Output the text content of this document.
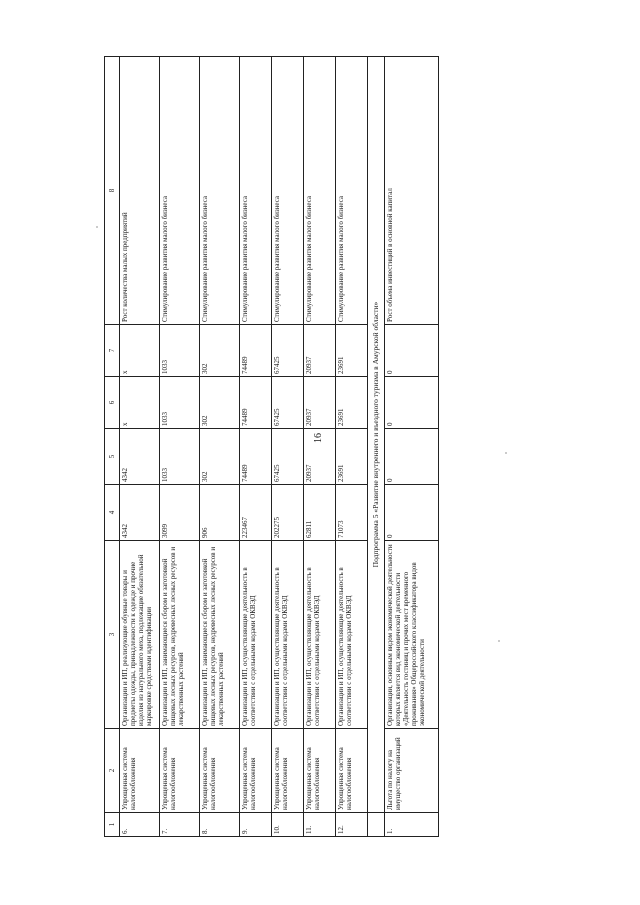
16
1	2	3	4	5	6	7	8
6.	Упрощенная система налогообложения	Организации и ИП, реализующие обувные товары и предметы одежды, принадлежности к одежде и прочие изделия из натурального меха, подлежащие обязательной маркировке средствами идентификации	4342	4342	х	х	Рост количества малых предприятий
7.	Упрощенная система налогообложения	Организации и ИП, занимающиеся сбором и заготовкой пищевых лесных ресурсов, недревесных лесных ресурсов и лекарственных растений	3099	1033	1033	1033	Стимулирование развития малого бизнеса
8.	Упрощенная система налогообложения	Организации и ИП, занимающиеся сбором и заготовкой пищевых лесных ресурсов, недревесных лесных ресурсов и лекарственных растений	906	302	302	302	Стимулирование развития малого бизнеса
9.	Упрощенная система налогообложения	Организации и ИП, осуществляющие деятельность в соответствии с отдельными кодами ОКВЭД	223467	74489	74489	74489	Стимулирование развития малого бизнеса
10.	Упрощенная система налогообложения	Организации и ИП, осуществляющие деятельность в соответствии с отдельными кодами ОКВЭД	202275	67425	67425	67425	Стимулирование развития малого бизнеса
11.	Упрощенная система налогообложения	Организации и ИП, осуществляющие деятельность в соответствии с отдельными кодами ОКВЭД	62811	20937	20937	20937	Стимулирование развития малого бизнеса
12.	Упрощенная система налогообложения	Организации и ИП, осуществляющие деятельность в соответствии с отдельными кодами ОКВЭД	71073	23691	23691	23691	Стимулирование развития малого бизнеса
	Подпрограмма 5 «Развитие внутреннего и въездного туризма в Амурской области»						
1.	Льгота по налогу на имущество организаций	Организации, основным видом экономической деятельности которых является вид экономической деятельности «Деятельность гостиниц и прочих мест временного проживания» Общероссийского классификатора видов экономической деятельности	0	0	0	0	Рост объема инвестиций в основной капитал
